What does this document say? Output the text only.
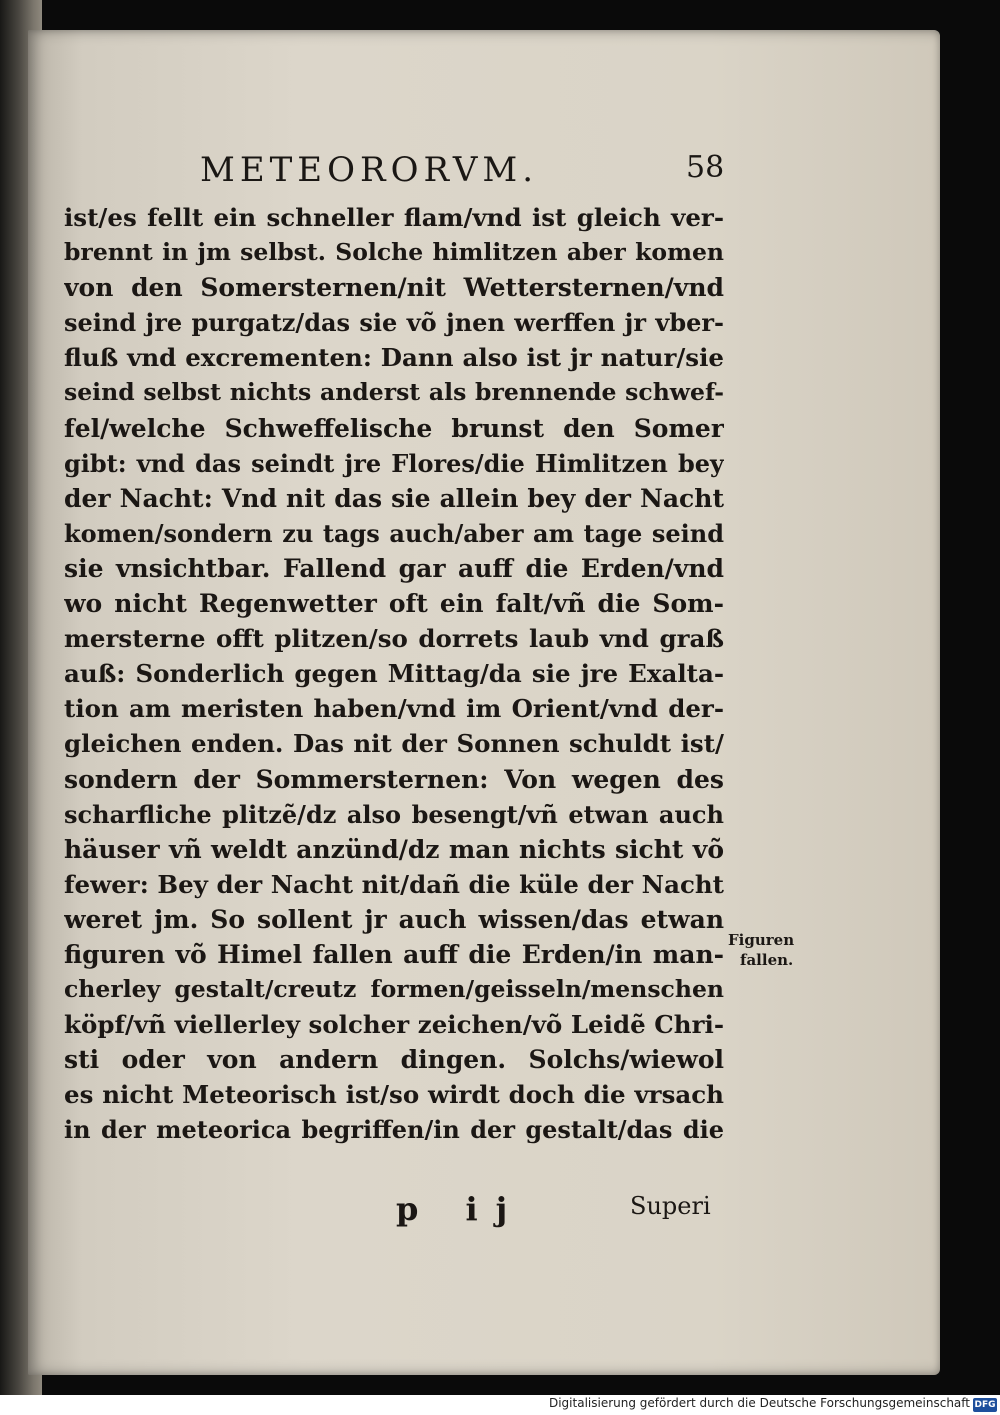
METEORORVM.	58
ist/es fellt ein schneller flam/vnd ist gleich ver-
brennt in jm selbst. Solche himlitzen aber komen
von den Somersternen/nit Wettersternen/vnd
seind jre purgatz/das sie võ jnen werffen jr vber-
fluß vnd excrementen: Dann also ist jr natur/sie
seind selbst nichts anderst als brennende schwef-
fel/welche Schweffelische brunst den Somer
gibt: vnd das seindt jre Flores/die Himlitzen bey
der Nacht: Vnd nit das sie allein bey der Nacht
komen/sondern zu tags auch/aber am tage seind
sie vnsichtbar. Fallend gar auff die Erden/vnd
wo nicht Regenwetter oft ein falt/vñ die Som-
mersterne offt plitzen/so dorrets laub vnd graß
auß: Sonderlich gegen Mittag/da sie jre Exalta-
tion am meristen haben/vnd im Orient/vnd der-
gleichen enden. Das nit der Sonnen schuldt ist/
sondern der Sommersternen: Von wegen des
scharfliche plitzẽ/dz also besengt/vñ etwan auch
häuser vñ weldt anzünd/dz man nichts sicht võ
fewer: Bey der Nacht nit/dañ die küle der Nacht
weret jm. So sollent jr auch wissen/das etwan
figuren võ Himel fallen auff die Erden/in man-
cherley gestalt/creutz formen/geisseln/menschen
köpf/vñ viellerley solcher zeichen/võ Leidẽ Chri-
sti oder von andern dingen. Solchs/wiewol
es nicht Meteorisch ist/so wirdt doch die vrsach
in der meteorica begriffen/in der gestalt/das die
Figuren
fallen.
p ij	Superi
Digitalisierung gefördert durch die Deutsche Forschungsgemeinschaft DFG
